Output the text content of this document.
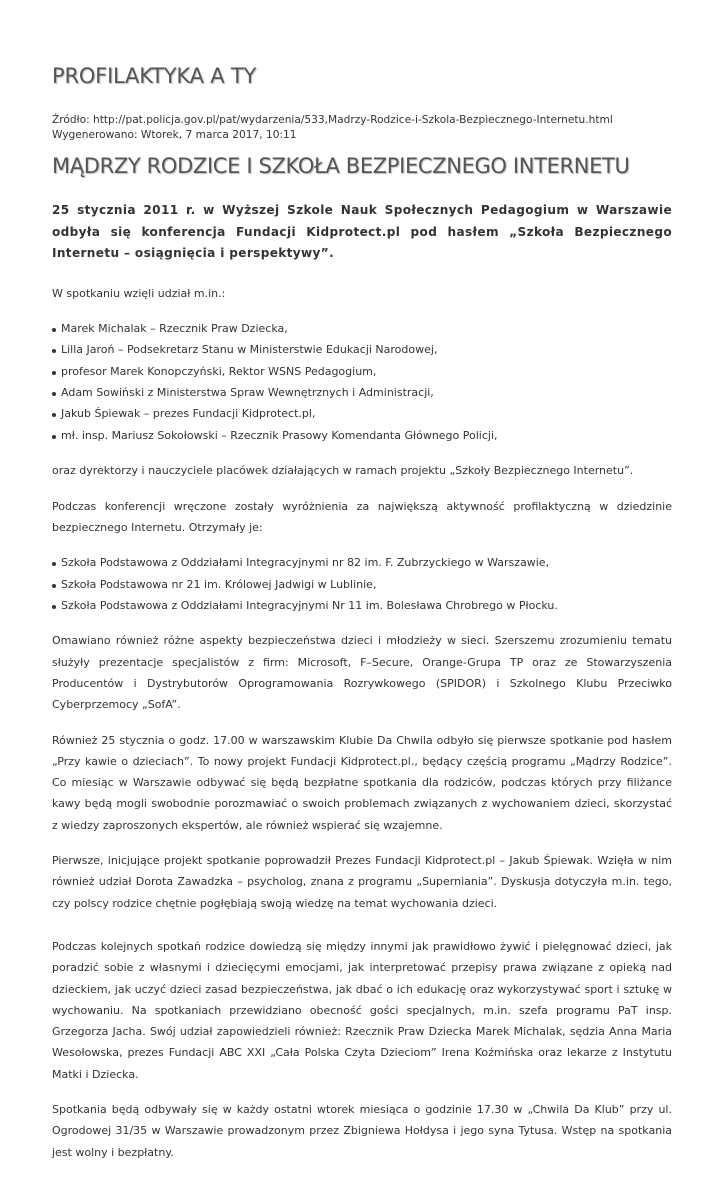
PROFILAKTYKA A TY
Źródło: http://pat.policja.gov.pl/pat/wydarzenia/533,Madrzy-Rodzice-i-Szkola-Bezpiecznego-Internetu.html
Wygenerowano: Wtorek, 7 marca 2017, 10:11
MĄDRZY RODZICE I SZKOŁA BEZPIECZNEGO INTERNETU

25 stycznia 2011 r. w Wyższej Szkole Nauk Społecznych Pedagogium w Warszawie odbyła się konferencja Fundacji Kidprotect.pl pod hasłem „Szkoła Bezpiecznego Internetu – osiągnięcia i perspektywy”.

W spotkaniu wzięli udział m.in.:

Marek Michalak – Rzecznik Praw Dziecka,
Lilla Jaroń – Podsekretarz Stanu w Ministerstwie Edukacji Narodowej,
profesor Marek Konopczyński, Rektor WSNS Pedagogium,
Adam Sowiński z Ministerstwa Spraw Wewnętrznych i Administracji,
Jakub Śpiewak – prezes Fundacji Kidprotect.pl,
mł. insp. Mariusz Sokołowski – Rzecznik Prasowy Komendanta Głównego Policji,

oraz dyrektorzy i nauczyciele placówek działających w ramach projektu „Szkoły Bezpiecznego Internetu”.

Podczas konferencji wręczone zostały wyróżnienia za największą aktywność profilaktyczną w dziedzinie bezpiecznego Internetu. Otrzymały je:

Szkoła Podstawowa z Oddziałami Integracyjnymi nr 82 im. F. Zubrzyckiego w Warszawie,
Szkoła Podstawowa nr 21 im. Królowej Jadwigi w Lublinie,
Szkoła Podstawowa z Oddziałami Integracyjnymi Nr 11 im. Bolesława Chrobrego w Płocku.

Omawiano również różne aspekty bezpieczeństwa dzieci i młodzieży w sieci. Szerszemu zrozumieniu tematu służyły prezentacje specjalistów z firm: Microsoft, F–Secure, Orange-Grupa TP oraz ze Stowarzyszenia Producentów i Dystrybutorów Oprogramowania Rozrywkowego (SPIDOR) i Szkolnego Klubu Przeciwko Cyberprzemocy „SofA”.

Również 25 stycznia o godz. 17.00 w warszawskim Klubie Da Chwila odbyło się pierwsze spotkanie pod hasłem „Przy kawie o dzieciach”. To nowy projekt Fundacji Kidprotect.pl., będący częścią programu „Mądrzy Rodzice”. Co miesiąc w Warszawie odbywać się będą bezpłatne spotkania dla rodziców, podczas których przy filiżance kawy będą mogli swobodnie porozmawiać o swoich problemach związanych z wychowaniem dzieci, skorzystać z wiedzy zaproszonych ekspertów, ale również wspierać się wzajemne.

Pierwsze, inicjujące projekt spotkanie poprowadził Prezes Fundacji Kidprotect.pl – Jakub Śpiewak. Wzięła w nim również udział Dorota Zawadzka – psycholog, znana z programu „Superniania”. Dyskusja dotyczyła m.in. tego, czy polscy rodzice chętnie pogłębiają swoją wiedzę na temat wychowania dzieci.

Podczas kolejnych spotkań rodzice dowiedzą się między innymi jak prawidłowo żywić i pielęgnować dzieci, jak poradzić sobie z własnymi i dziecięcymi emocjami, jak interpretować przepisy prawa związane z opieką nad dzieckiem, jak uczyć dzieci zasad bezpieczeństwa, jak dbać o ich edukację oraz wykorzystywać sport i sztukę w wychowaniu. Na spotkaniach przewidziano obecność gości specjalnych, m.in. szefa programu PaT insp. Grzegorza Jacha. Swój udział zapowiedzieli również: Rzecznik Praw Dziecka Marek Michalak, sędzia Anna Maria Wesołowska, prezes Fundacji ABC XXI „Cała Polska Czyta Dzieciom” Irena Koźmińska oraz lekarze z Instytutu Matki i Dziecka.

Spotkania będą odbywały się w każdy ostatni wtorek miesiąca o godzinie 17.30 w „Chwila Da Klub” przy ul. Ogrodowej 31/35 w Warszawie prowadzonym przez Zbigniewa Hołdysa i jego syna Tytusa. Wstęp na spotkania jest wolny i bezpłatny.
